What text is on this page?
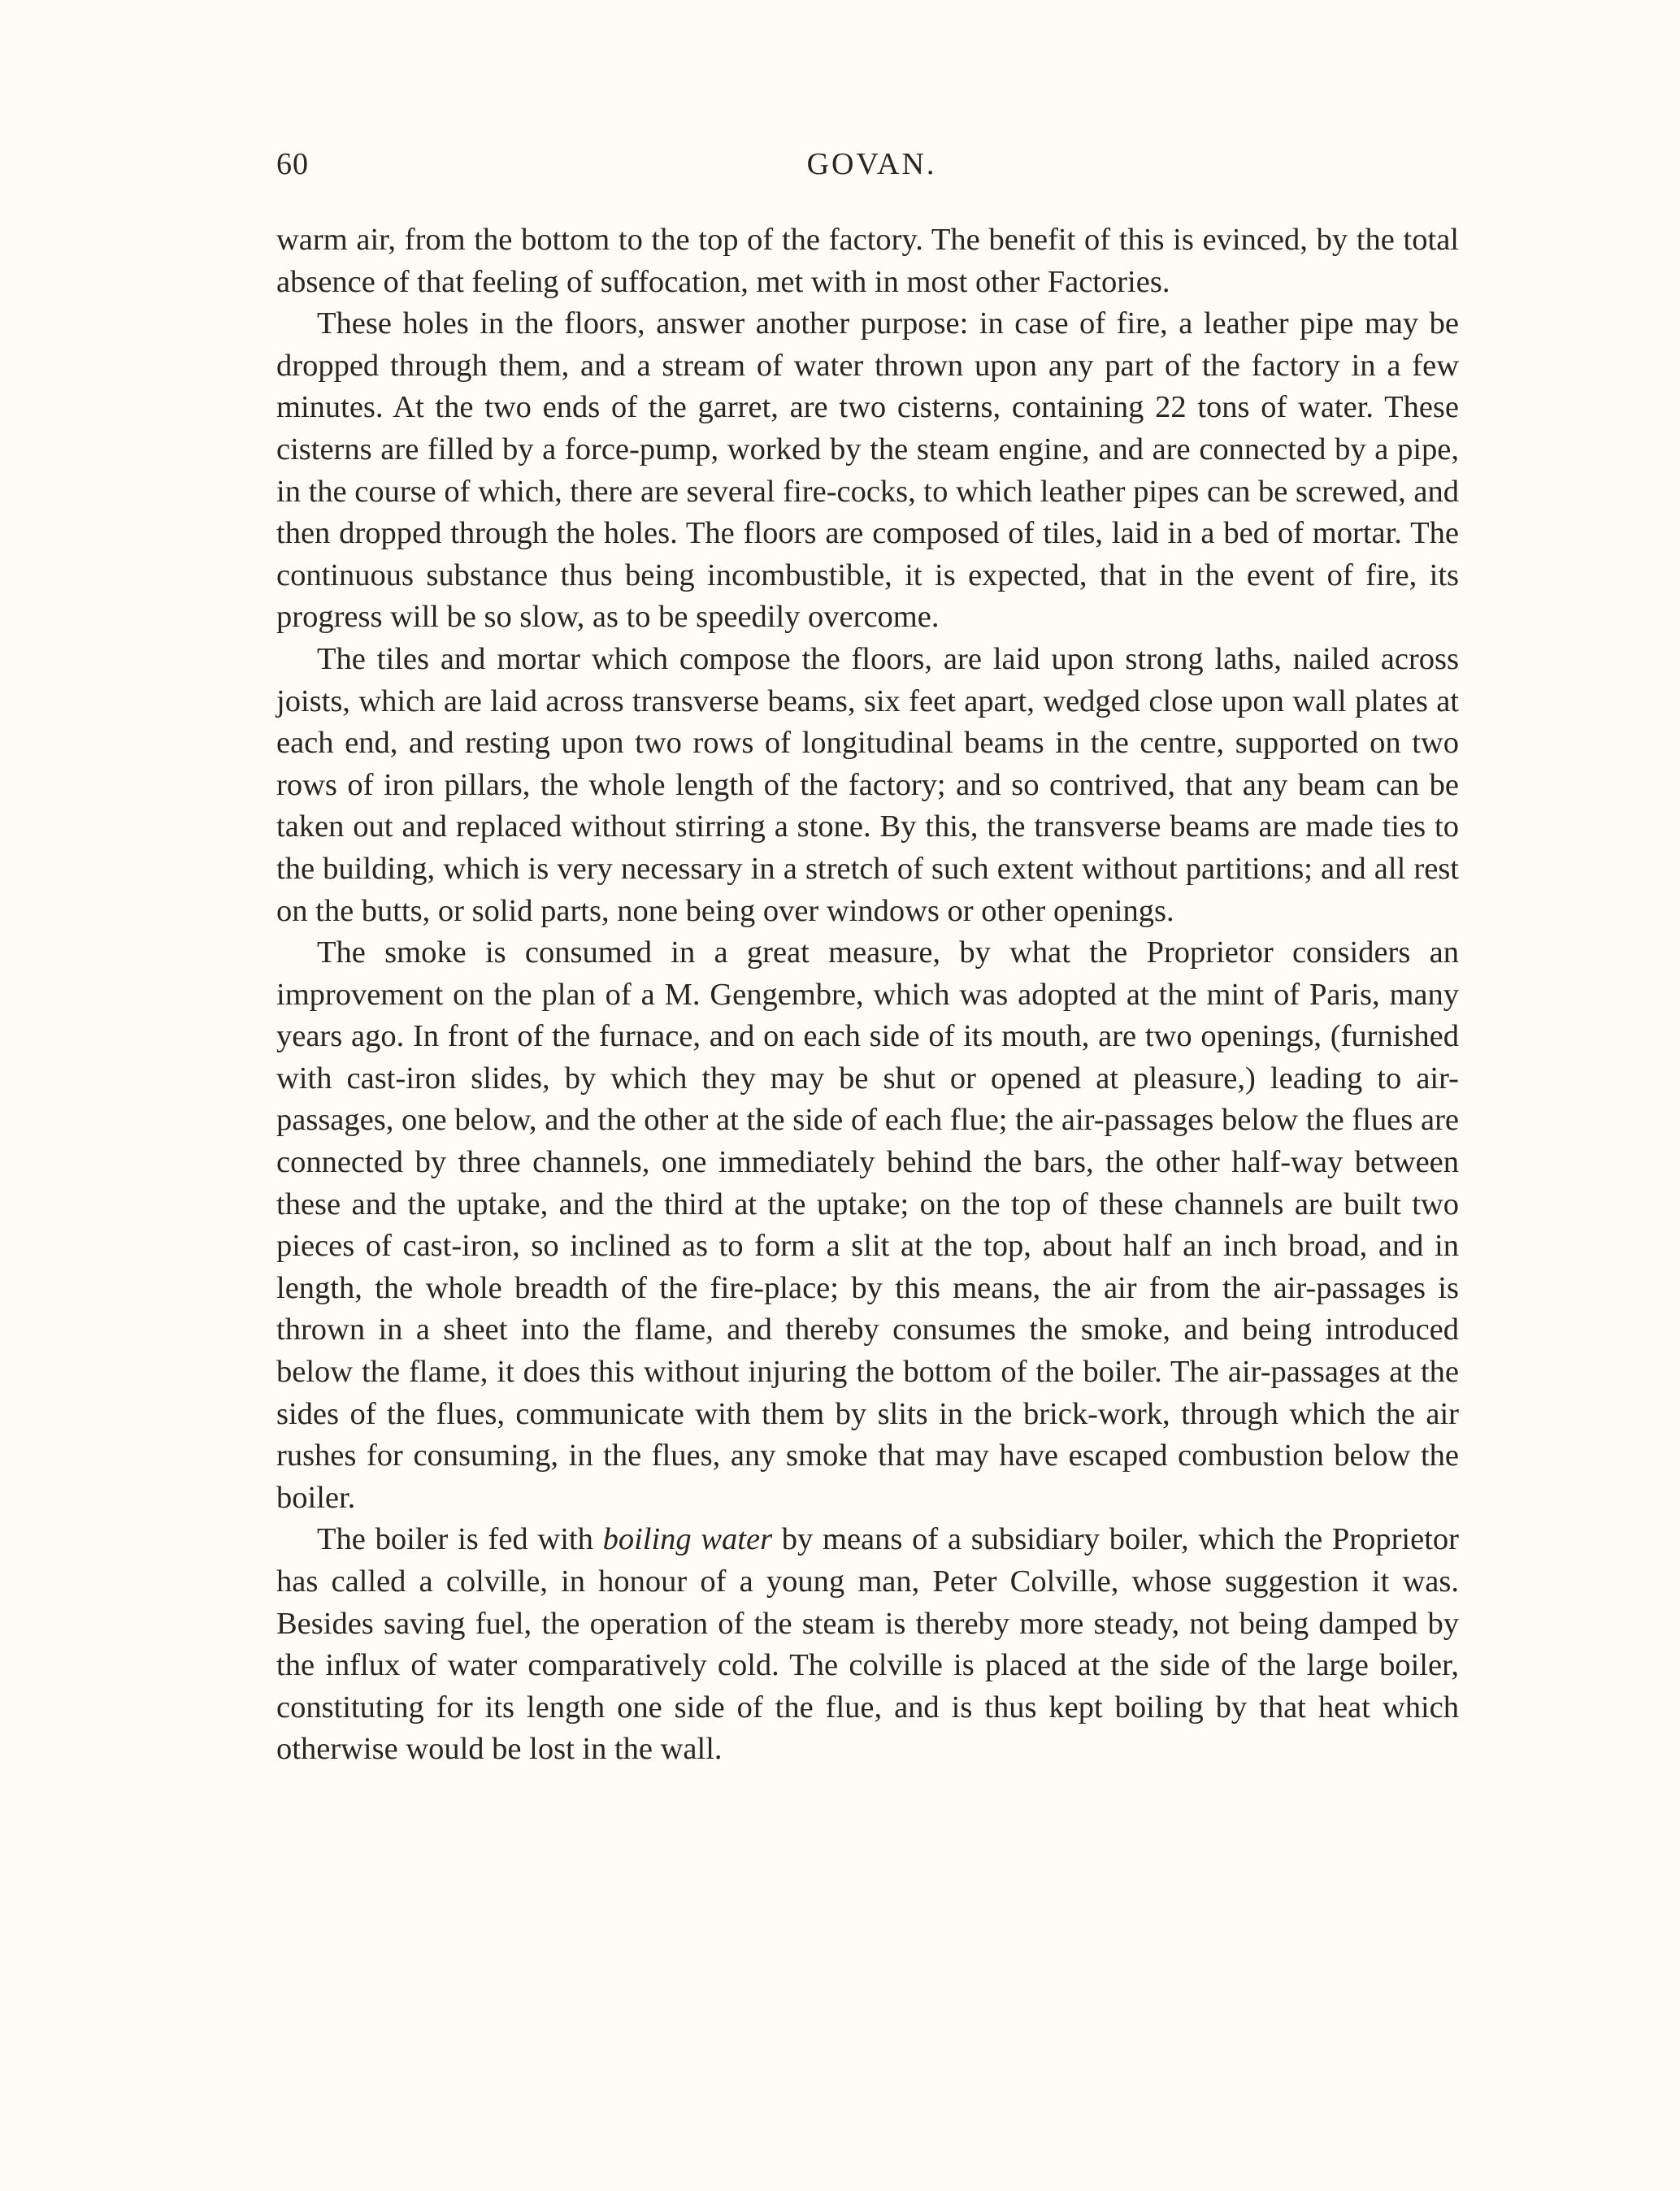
60	GOVAN.

warm air, from the bottom to the top of the factory. The benefit of this is evinced, by the total absence of that feeling of suffocation, met with in most other Factories.

These holes in the floors, answer another purpose: in case of fire, a leather pipe may be dropped through them, and a stream of water thrown upon any part of the factory in a few minutes. At the two ends of the garret, are two cisterns, containing 22 tons of water. These cisterns are filled by a force-pump, worked by the steam engine, and are connected by a pipe, in the course of which, there are several fire-cocks, to which leather pipes can be screwed, and then dropped through the holes. The floors are composed of tiles, laid in a bed of mortar. The continuous substance thus being incombustible, it is expected, that in the event of fire, its progress will be so slow, as to be speedily overcome.

The tiles and mortar which compose the floors, are laid upon strong laths, nailed across joists, which are laid across transverse beams, six feet apart, wedged close upon wall plates at each end, and resting upon two rows of longitudinal beams in the centre, supported on two rows of iron pillars, the whole length of the factory; and so contrived, that any beam can be taken out and replaced without stirring a stone. By this, the transverse beams are made ties to the building, which is very necessary in a stretch of such extent without partitions; and all rest on the butts, or solid parts, none being over windows or other openings.

The smoke is consumed in a great measure, by what the Proprietor considers an improvement on the plan of a M. Gengembre, which was adopted at the mint of Paris, many years ago. In front of the furnace, and on each side of its mouth, are two openings, (furnished with cast-iron slides, by which they may be shut or opened at pleasure,) leading to air-passages, one below, and the other at the side of each flue; the air-passages below the flues are connected by three channels, one immediately behind the bars, the other half-way between these and the uptake, and the third at the uptake; on the top of these channels are built two pieces of cast-iron, so inclined as to form a slit at the top, about half an inch broad, and in length, the whole breadth of the fire-place; by this means, the air from the air-passages is thrown in a sheet into the flame, and thereby consumes the smoke, and being introduced below the flame, it does this without injuring the bottom of the boiler. The air-passages at the sides of the flues, communicate with them by slits in the brick-work, through which the air rushes for consuming, in the flues, any smoke that may have escaped combustion below the boiler.

The boiler is fed with boiling water by means of a subsidiary boiler, which the Proprietor has called a colville, in honour of a young man, Peter Colville, whose suggestion it was. Besides saving fuel, the operation of the steam is thereby more steady, not being damped by the influx of water comparatively cold. The colville is placed at the side of the large boiler, constituting for its length one side of the flue, and is thus kept boiling by that heat which otherwise would be lost in the wall.
